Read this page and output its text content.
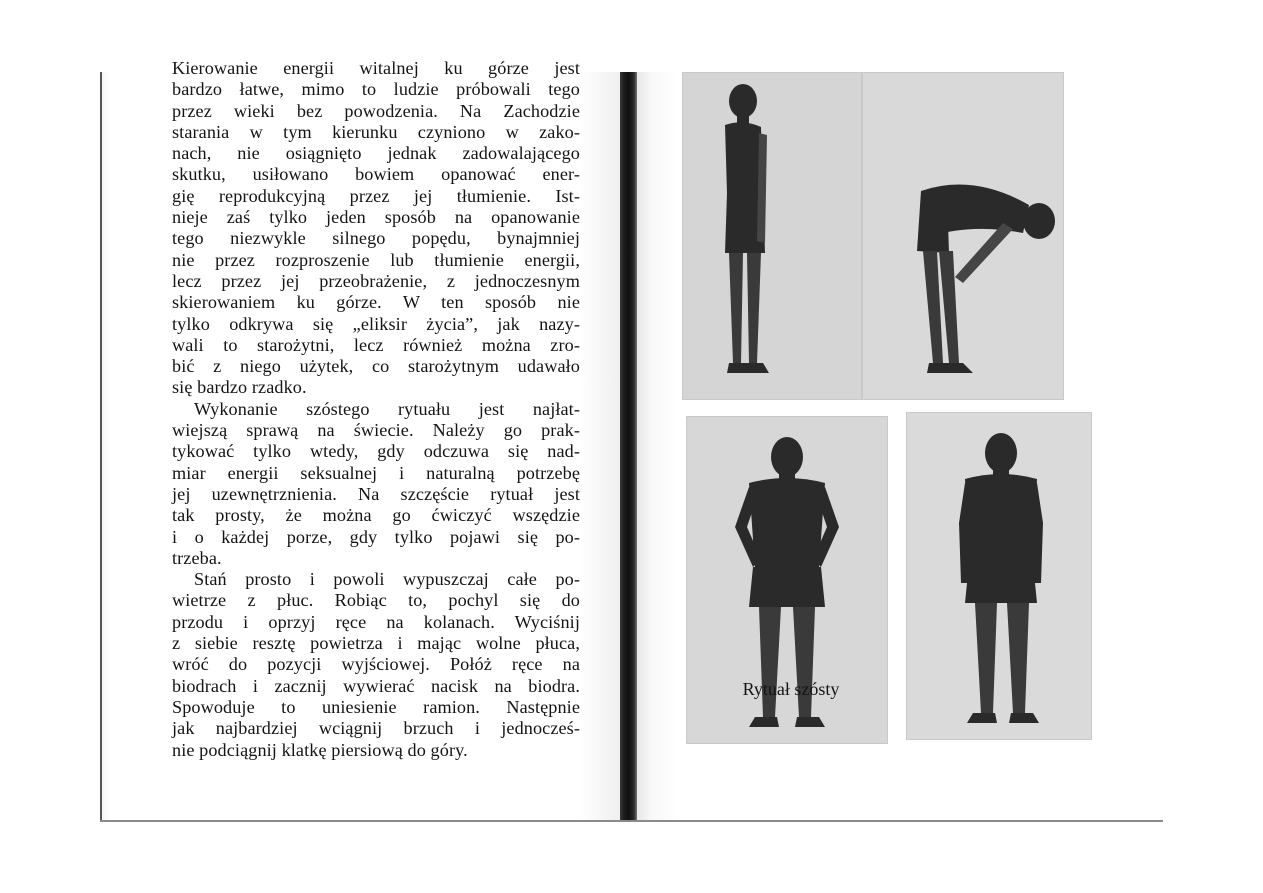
Kierowanie energii witalnej ku górze jest
bardzo łatwe, mimo to ludzie próbowali tego
przez wieki bez powodzenia. Na Zachodzie
starania w tym kierunku czyniono w zako-
nach, nie osiągnięto jednak zadowalającego
skutku, usiłowano bowiem opanować ener-
gię reprodukcyjną przez jej tłumienie. Ist-
nieje zaś tylko jeden sposób na opanowanie
tego niezwykle silnego popędu, bynajmniej
nie przez rozproszenie lub tłumienie energii,
lecz przez jej przeobrażenie, z jednoczesnym
skierowaniem ku górze. W ten sposób nie
tylko odkrywa się „eliksir życia”, jak nazy-
wali to starożytni, lecz również można zro-
bić z niego użytek, co starożytnym udawało
się bardzo rzadko.
Wykonanie szóstego rytuału jest najłat-
wiejszą sprawą na świecie. Należy go prak-
tykować tylko wtedy, gdy odczuwa się nad-
miar energii seksualnej i naturalną potrzebę
jej uzewnętrznienia. Na szczęście rytuał jest
tak prosty, że można go ćwiczyć wszędzie
i o każdej porze, gdy tylko pojawi się po-
trzeba.
Stań prosto i powoli wypuszczaj całe po-
wietrze z płuc. Robiąc to, pochyl się do
przodu i oprzyj ręce na kolanach. Wyciśnij
z siebie resztę powietrza i mając wolne płuca,
wróć do pozycji wyjściowej. Połóż ręce na
biodrach i zacznij wywierać nacisk na biodra.
Spowoduje to uniesienie ramion. Następnie
jak najbardziej wciągnij brzuch i jednocześ-
nie podciągnij klatkę piersiową do góry.
Rytuał szósty
